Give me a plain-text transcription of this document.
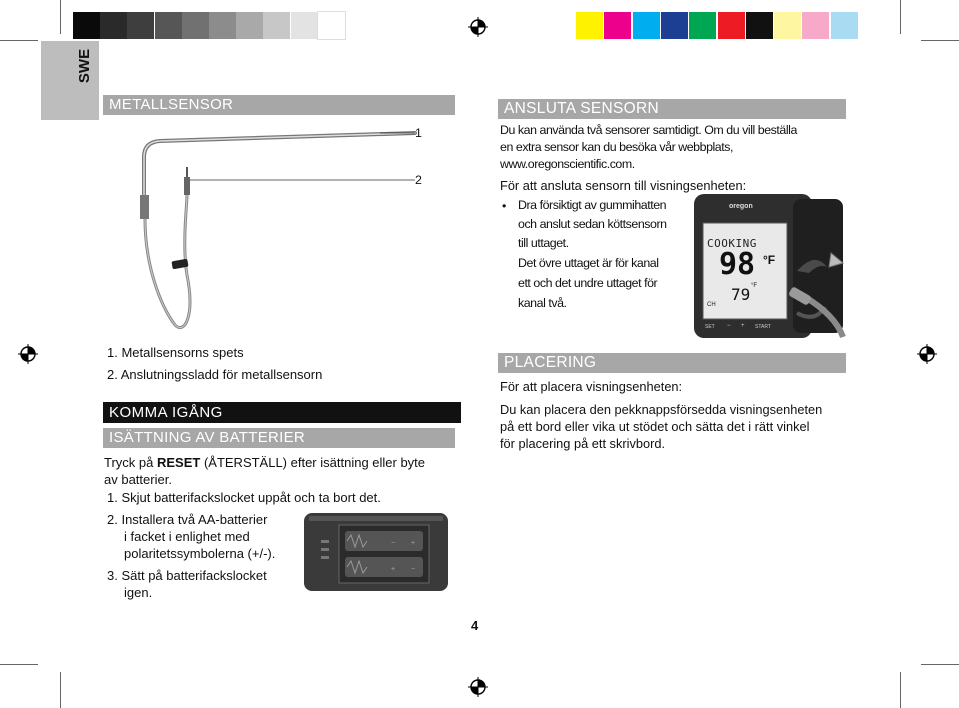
SWE
METALLSENSOR
1
2
1. Metallsensorns spets
2. Anslutningssladd för metallsensorn
KOMMA IGÅNG
ISÄTTNING AV BATTERIER
Tryck på RESET (ÅTERSTÄLL) efter isättning eller byte
av batterier.
1. Skjut batterifackslocket uppåt och ta bort det.
2. Installera två AA-batterier
i facket i enlighet med
polaritetssymbolerna (+/-).
3. Sätt på batterifackslocket
igen.
− +
+ −
ANSLUTA SENSORN
Du kan använda två sensorer samtidigt. Om du vill beställa
en extra sensor kan du besöka vår webbplats,
www.oregonscientific.com.
För att ansluta sensorn till visningsenheten:
• Dra försiktigt av gummihatten
och anslut sedan köttsensorn
till uttaget.
Det övre uttaget är för kanal
ett och det undre uttaget för
kanal två.
oregon
COOKING
98 °F
79 °F
CH
SET − + START
PLACERING
För att placera visningsenheten:
Du kan placera den pekknappsförsedda visningsenheten
på ett bord eller vika ut stödet och sätta det i rätt vinkel
för placering på ett skrivbord.
4
